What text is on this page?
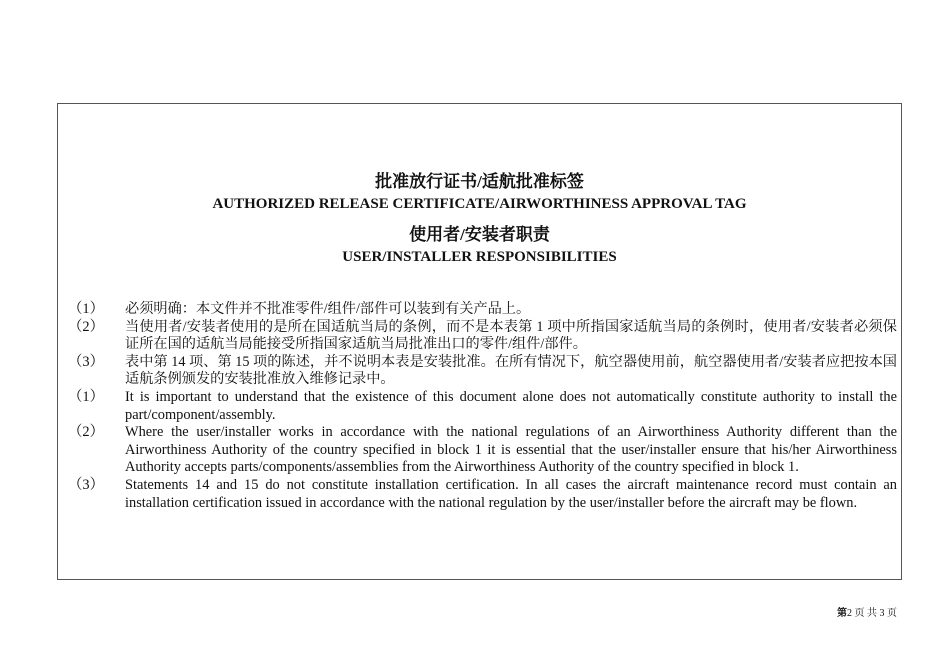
批准放行证书/适航批准标签
AUTHORIZED RELEASE CERTIFICATE/AIRWORTHINESS APPROVAL TAG
使用者/安装者职责
USER/INSTALLER RESPONSIBILITIES
（1）	必须明确：本文件并不批准零件/组件/部件可以装到有关产品上。
（2）	当使用者/安装者使用的是所在国适航当局的条例，而不是本表第 1 项中所指国家适航当局的条例时，使用者/安装者必须保证所在国的适航当局能接受所指国家适航当局批准出口的零件/组件/部件。
（3）	表中第 14 项、第 15 项的陈述，并不说明本表是安装批准。在所有情况下，航空器使用前，航空器使用者/安装者应把按本国适航条例颁发的安装批准放入维修记录中。
（1）	It is important to understand that the existence of this document alone does not automatically constitute authority to install the part/component/assembly.
（2）	Where the user/installer works in accordance with the national regulations of an Airworthiness Authority different than the Airworthiness Authority of the country specified in block 1 it is essential that the user/installer ensure that his/her Airworthiness Authority accepts parts/components/assemblies from the Airworthiness Authority of the country specified in block 1.
（3）	Statements 14 and 15 do not constitute installation certification. In all cases the aircraft maintenance record must contain an installation certification issued in accordance with the national regulation by the user/installer before the aircraft may be flown.
第2 页 共 3 页
